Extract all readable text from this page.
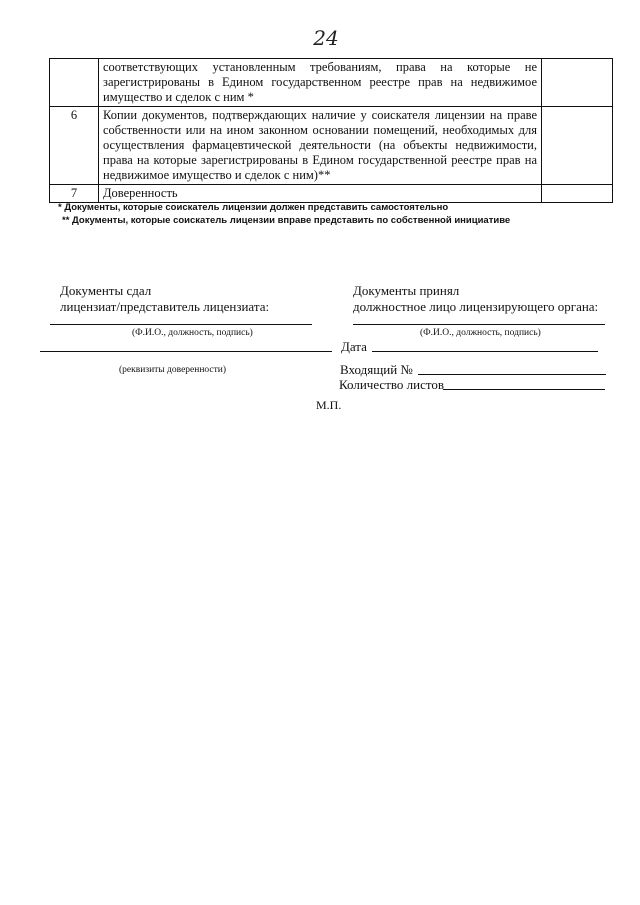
24
	соответствующих установленным требованиям, права на которые не зарегистрированы в Едином государственном реестре прав на недвижимое имущество и сделок с ним *	
6	Копии документов, подтверждающих наличие у соискателя лицензии на праве собственности или на ином законном основании помещений, необходимых для осуществления фармацевтической деятельности (на объекты недвижимости, права на которые зарегистрированы в Едином государственной реестре прав на недвижимое имущество и сделок с ним)**	
7	Доверенность	
* Документы, которые соискатель лицензии должен представить самостоятельно
** Документы, которые соискатель лицензии вправе представить по собственной инициативе
Документы сдал
лицензиат/представитель лицензиата:
(Ф.И.О., должность, подпись)
(реквизиты доверенности)
Документы принял
должностное лицо лицензирующего органа:
(Ф.И.О., должность, подпись)
Дата
Входящий №
Количество листов
М.П.
